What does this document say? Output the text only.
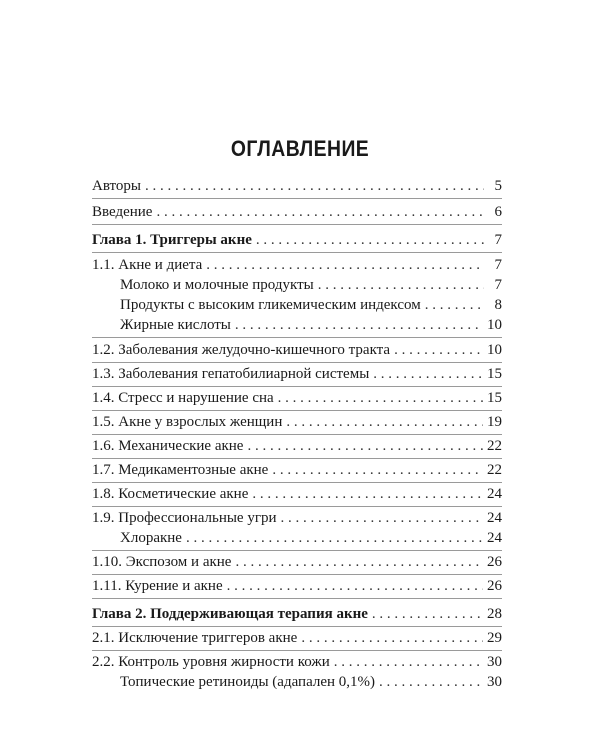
ОГЛАВЛЕНИЕ
Авторы . . .	5
Введение . . .	6
Глава 1. Триггеры акне . . .	7
1.1. Акне и диета . . .	7
Молоко и молочные продукты . . .	7
Продукты с высоким гликемическим индексом . . .	8
Жирные кислоты . . .	10
1.2. Заболевания желудочно-кишечного тракта . . .	10
1.3. Заболевания гепатобилиарной системы . . .	15
1.4. Стресс и нарушение сна . . .	15
1.5. Акне у взрослых женщин . . .	19
1.6. Механические акне . . .	22
1.7. Медикаментозные акне . . .	22
1.8. Косметические акне . . .	24
1.9. Профессиональные угри . . .	24
Хлоракне . . .	24
1.10. Экспозом и акне . . .	26
1.11. Курение и акне . . .	26
Глава 2. Поддерживающая терапия акне . . .	28
2.1. Исключение триггеров акне . . .	29
2.2. Контроль уровня жирности кожи . . .	30
Топические ретиноиды (адапален 0,1%) . . .	30
